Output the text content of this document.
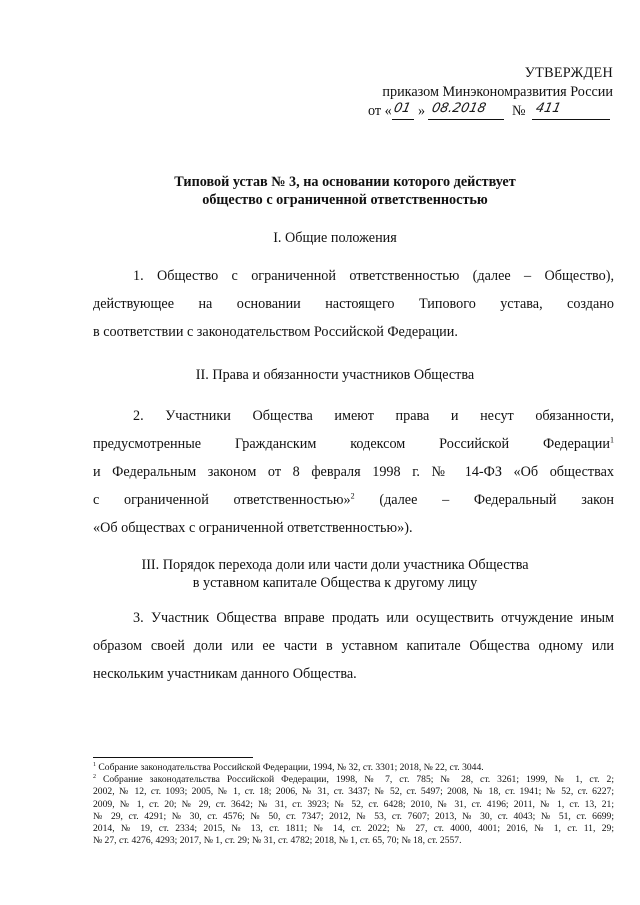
УТВЕРЖДЕН
приказом Минэкономразвития России
от « 01 » 08.2018 № 411
Типовой устав № 3, на основании которого действует
общество с ограниченной ответственностью
I. Общие положения
1. Общество с ограниченной ответственностью (далее – Общество),
действующее на основании настоящего Типового устава, создано
в соответствии с законодательством Российской Федерации.
II. Права и обязанности участников Общества
2. Участники Общества имеют права и несут обязанности,
предусмотренные Гражданским кодексом Российской Федерации$^1$
и Федеральным законом от 8 февраля 1998 г. № 14-ФЗ «Об обществах
с ограниченной ответственностью»$^2$ (далее – Федеральный закон
«Об обществах с ограниченной ответственностью»).
III. Порядок перехода доли или части доли участника Общества
в уставном капитале Общества к другому лицу
3. Участник Общества вправе продать или осуществить отчуждение иным
образом своей доли или ее части в уставном капитале Общества одному или
нескольким участникам данного Общества.
$^1$ Собрание законодательства Российской Федерации, 1994, № 32, ст. 3301; 2018, № 22, ст. 3044.
$^2$ Собрание законодательства Российской Федерации, 1998, № 7, ст. 785; № 28, ст. 3261; 1999, № 1, ст. 2;
2002, № 12, ст. 1093; 2005, № 1, ст. 18; 2006, № 31, ст. 3437; № 52, ст. 5497; 2008, № 18, ст. 1941; № 52, ст. 6227;
2009, № 1, ст. 20; № 29, ст. 3642; № 31, ст. 3923; № 52, ст. 6428; 2010, № 31, ст. 4196; 2011, № 1, ст. 13, 21;
№ 29, ст. 4291; № 30, ст. 4576; № 50, ст. 7347; 2012, № 53, ст. 7607; 2013, № 30, ст. 4043; № 51, ст. 6699;
2014, № 19, ст. 2334; 2015, № 13, ст. 1811; № 14, ст. 2022; № 27, ст. 4000, 4001; 2016, № 1, ст. 11, 29;
№ 27, ст. 4276, 4293; 2017, № 1, ст. 29; № 31, ст. 4782; 2018, № 1, ст. 65, 70; № 18, ст. 2557.
